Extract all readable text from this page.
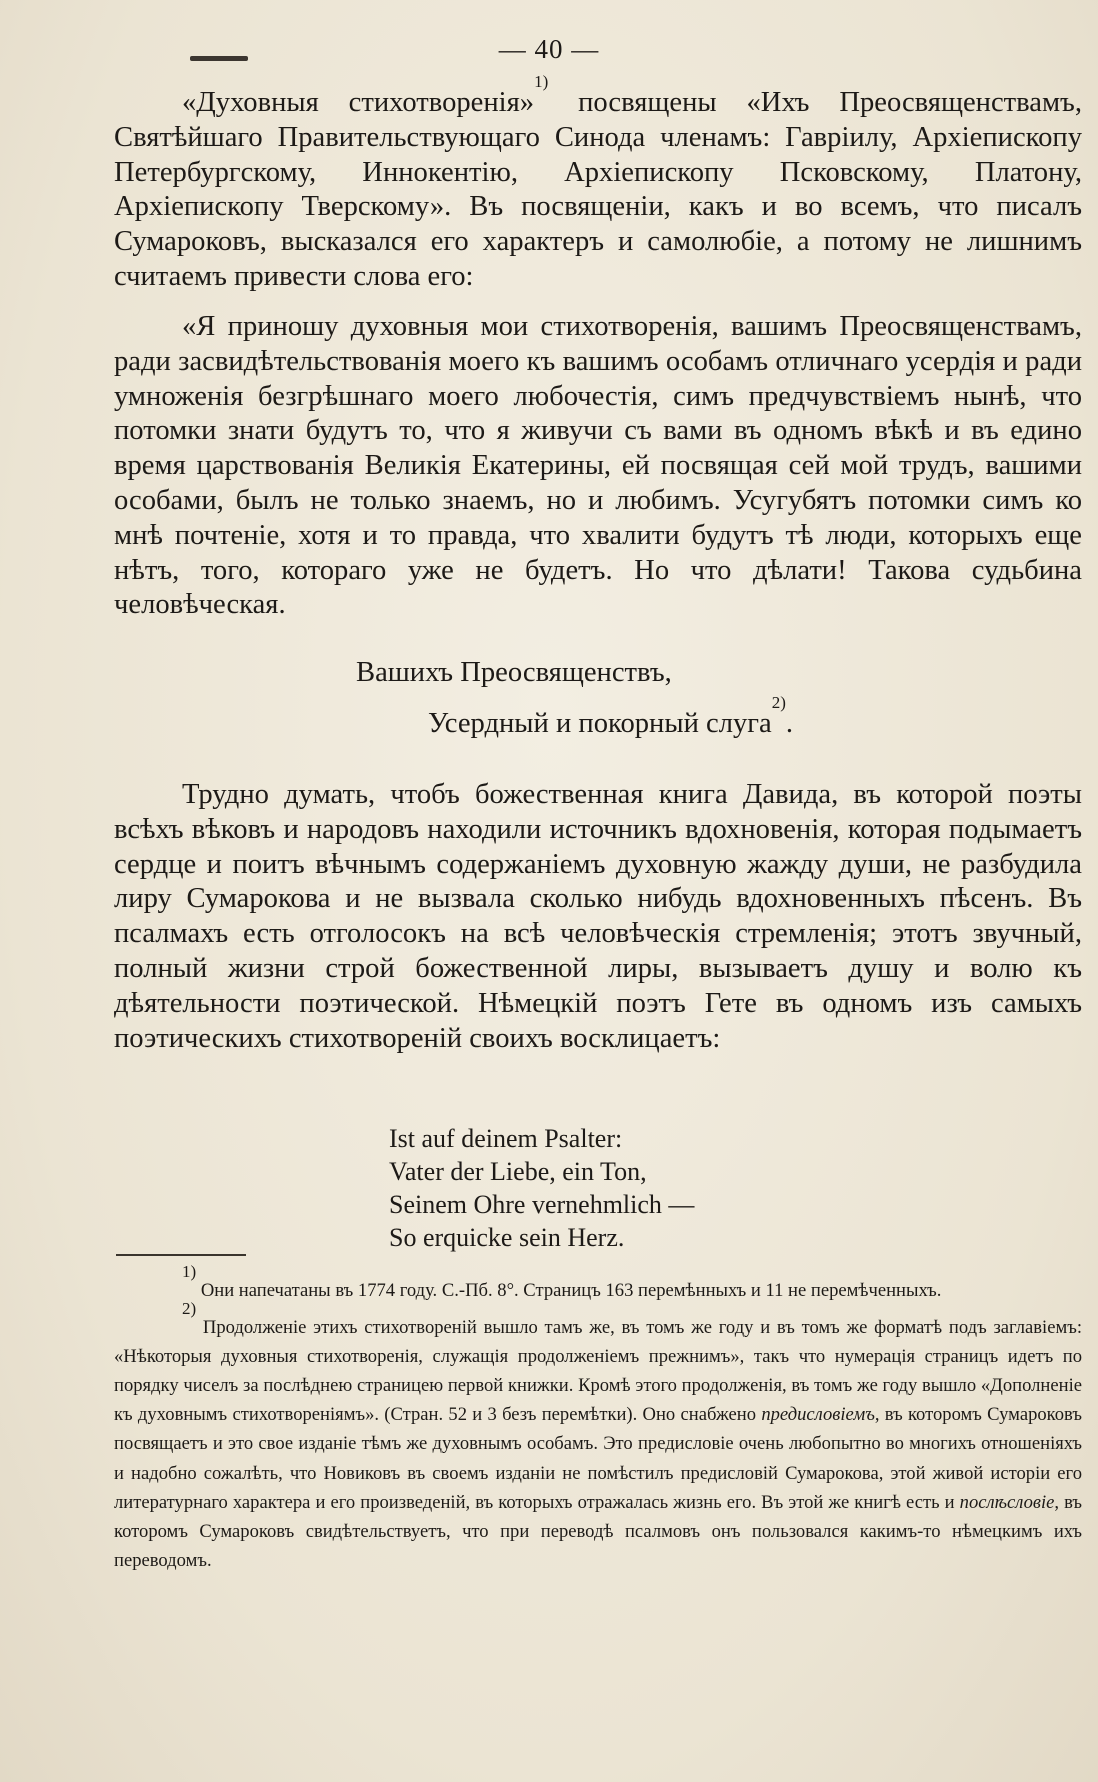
— 40 —

«Духовныя стихотворенія»$^{1)}$ посвящены «Ихъ Преосвященствамъ, Святѣйшаго Правительствующаго Синода членамъ: Гаврiилу, Архiепископу Петербургскому, Иннокентiю, Архiепископу Псковскому, Платону, Архiепископу Тверскому». Въ посвященiи, какъ и во всемъ, что писалъ Сумароковъ, высказался его характеръ и самолюбiе, а потому не лишнимъ считаемъ привести слова его:

«Я приношу духовныя мои стихотворенія, вашимъ Преосвященствамъ, ради засвидѣтельствованія моего къ вашимъ особамъ отличнаго усердія и ради умноженія безгрѣшнаго моего любочестія, симъ предчувствiемъ нынѣ, что потомки знати будутъ то, что я живучи съ вами въ одномъ вѣкѣ и въ едино время царствованія Великія Екатерины, ей посвящая сей мой трудъ, вашими особами, былъ не только знаемъ, но и любимъ. Усугубятъ потомки симъ ко мнѣ почтеніе, хотя и то правда, что хвалити будутъ тѣ люди, которыхъ еще нѣтъ, того, котораго уже не будетъ. Но что дѣлати! Такова судьбина человѣческая.

Вашихъ Преосвященствъ,
Усердный и покорный слуга$^{2)}$.

Трудно думать, чтобъ божественная книга Давида, въ которой поэты всѣхъ вѣковъ и народовъ находили источникъ вдохновенія, которая подымаетъ сердце и поитъ вѣчнымъ содержанiемъ духовную жажду души, не разбудила лиру Сумарокова и не вызвала сколько нибудь вдохновенныхъ пѣсенъ. Въ псалмахъ есть отголосокъ на всѣ человѣческія стремленія; этотъ звучный, полный жизни строй божественной лиры, вызываетъ душу и волю къ дѣятельности поэтической. Нѣмецкій поэтъ Гете въ одномъ изъ самыхъ поэтическихъ стихотвореній своихъ восклицаетъ:

Ist auf deinem Psalter:
Vater der Liebe, ein Ton,
Seinem Ohre vernehmlich —
So erquicke sein Herz.

$^{1)}$ Они напечатаны въ 1774 году. С.-Пб. 8°. Страницъ 163 перемѣнныхъ и 11 не перемѣченныхъ.

$^{2)}$ Продолженіе этихъ стихотвореній вышло тамъ же, въ томъ же году и въ томъ же форматѣ подъ заглавiемъ: «Нѣкоторыя духовныя стихотворенія, служащія продолженiемъ прежнимъ», такъ что нумерація страницъ идетъ по порядку чиселъ за послѣднею страницею первой книжки. Кромѣ этого продолженія, въ томъ же году вышло «Дополненіе къ духовнымъ стихотвореніямъ». (Стран. 52 и 3 безъ перемѣтки). Оно снабжено предисловiемъ, въ которомъ Сумароковъ посвящаетъ и это свое изданіе тѣмъ же духовнымъ особамъ. Это предисловіе очень любопытно во многихъ отношеніяхъ и надобно сожалѣть, что Новиковъ въ своемъ изданіи не помѣстилъ предисловій Сумарокова, этой живой исторіи его литературнаго характера и его произведеній, въ которыхъ отражалась жизнь его. Въ этой же книгѣ есть и послѣсловiе, въ которомъ Сумароковъ свидѣтельствуетъ, что при переводѣ псалмовъ онъ пользовался какимъ-то нѣмецкимъ ихъ переводомъ.
